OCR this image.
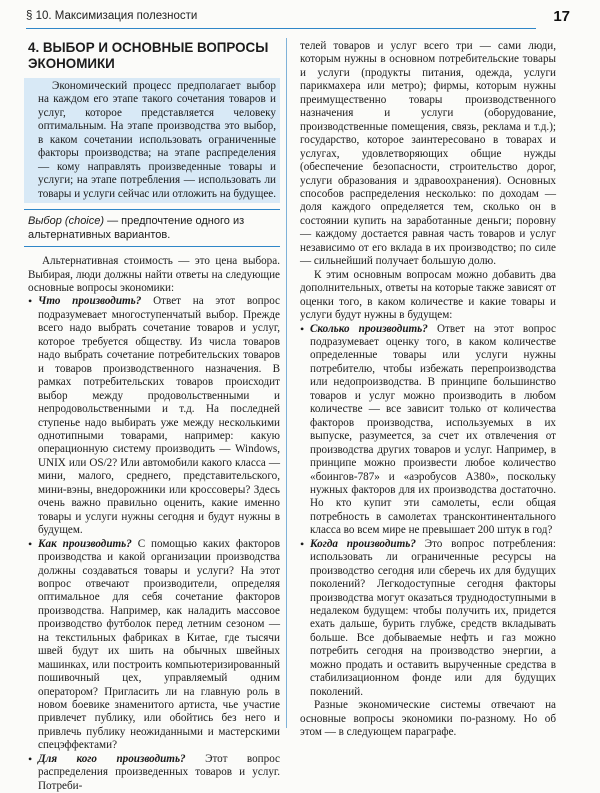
§ 10. Максимизация полезности	17
4. ВЫБОР И ОСНОВНЫЕ ВОПРОСЫ ЭКОНОМИКИ

Экономический процесс предполагает выбор на каждом его этапе такого сочетания товаров и услуг, которое представляется человеку оптимальным. На этапе производства это выбор, в каком сочетании использовать ограниченные факторы производства; на этапе распределения — кому направлять произведенные товары и услуги; на этапе потребления — использовать ли товары и услуги сейчас или отложить на будущее.

Выбор (choice) — предпочтение одного из альтернативных вариантов.

Альтернативная стоимость — это цена выбора. Выбирая, люди должны найти ответы на следующие основные вопросы экономики:

• Что производить? Ответ на этот вопрос подразумевает многоступенчатый выбор. Прежде всего надо выбрать сочетание товаров и услуг, которое требуется обществу. Из числа товаров надо выбрать сочетание потребительских товаров и товаров производственного назначения. В рамках потребительских товаров происходит выбор между продовольственными и непродовольственными и т.д. На последней ступенье надо выбирать уже между несколькими однотипными товарами, например: какую операционную систему производить — Windows, UNIX или OS/2? Или автомобили какого класса — мини, малого, среднего, представительского, мини-вэны, внедорожники или кроссоверы? Здесь очень важно правильно оценить, какие именно товары и услуги нужны сегодня и будут нужны в будущем.
• Как производить? С помощью каких факторов производства и какой организации производства должны создаваться товары и услуги? На этот вопрос отвечают производители, определяя оптимальное для себя сочетание факторов производства. Например, как наладить массовое производство футболок перед летним сезоном — на текстильных фабриках в Китае, где тысячи швей будут их шить на обычных швейных машинках, или построить компьютеризированный пошивочный цех, управляемый одним оператором? Пригласить ли на главную роль в новом боевике знаменитого артиста, чье участие привлечет публику, или обойтись без него и привлечь публику неожиданными и мастерскими спецэффектами?
• Для кого производить? Этот вопрос распределения произведенных товаров и услуг. Потреби-

телей товаров и услуг всего три — сами люди, которым нужны в основном потребительские товары и услуги (продукты питания, одежда, услуги парикмахера или метро); фирмы, которым нужны преимущественно товары производственного назначения и услуги (оборудование, производственные помещения, связь, реклама и т.д.); государство, которое заинтересовано в товарах и услугах, удовлетворяющих общие нужды (обеспечение безопасности, строительство дорог, услуги образования и здравоохранения). Основных способов распределения несколько: по доходам — доля каждого определяется тем, сколько он в состоянии купить на заработанные деньги; поровну — каждому достается равная часть товаров и услуг независимо от его вклада в их производство; по силе — сильнейший получает большую долю.

К этим основным вопросам можно добавить два дополнительных, ответы на которые также зависят от оценки того, в каком количестве и какие товары и услуги будут нужны в будущем:

• Сколько производить? Ответ на этот вопрос подразумевает оценку того, в каком количестве определенные товары или услуги нужны потребителю, чтобы избежать перепроизводства или недопроизводства. В принципе большинство товаров и услуг можно производить в любом количестве — все зависит только от количества факторов производства, используемых в их выпуске, разумеется, за счет их отвлечения от производства других товаров и услуг. Например, в принципе можно произвести любое количество «боингов-787» и «аэробусов А380», поскольку нужных факторов для их производства достаточно. Но кто купит эти самолеты, если общая потребность в самолетах трансконтинентального класса во всем мире не превышает 200 штук в год?
• Когда производить? Это вопрос потребления: использовать ли ограниченные ресурсы на производство сегодня или сберечь их для будущих поколений? Легкодоступные сегодня факторы производства могут оказаться труднодоступными в недалеком будущем: чтобы получить их, придется ехать дальше, бурить глубже, средств вкладывать больше. Все добываемые нефть и газ можно потребить сегодня на производство энергии, а можно продать и оставить вырученные средства в стабилизационном фонде или для будущих поколений.

Разные экономические системы отвечают на основные вопросы экономики по-разному. Но об этом — в следующем параграфе.
